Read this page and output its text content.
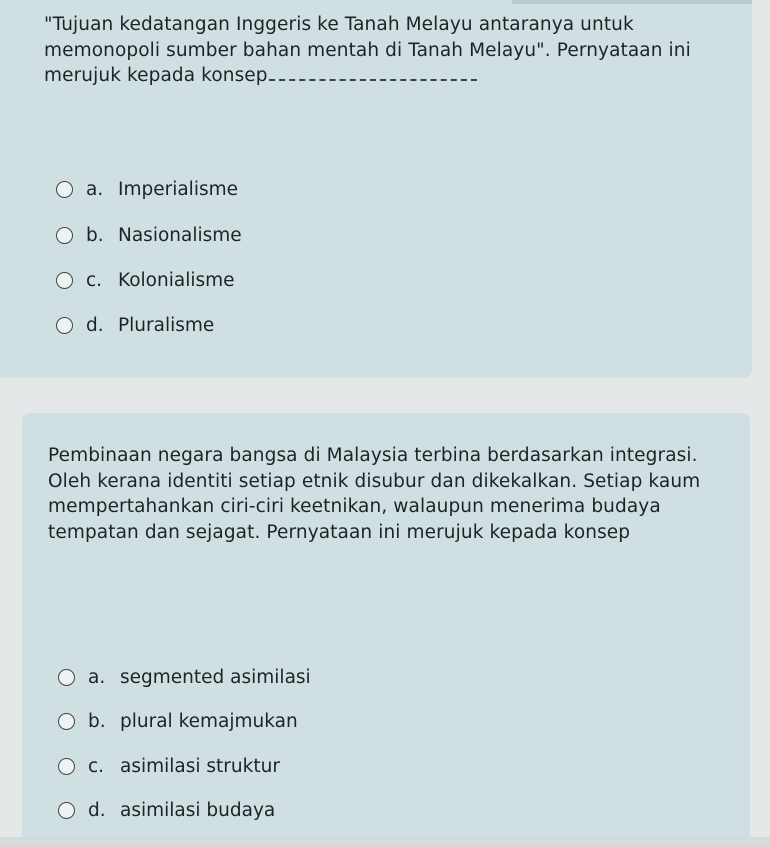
"Tujuan kedatangan Inggeris ke Tanah Melayu antaranya untuk memonopoli sumber bahan mentah di Tanah Melayu". Pernyataan ini merujuk kepada konsep

a. Imperialisme
b. Nasionalisme
c. Kolonialisme
d. Pluralisme

Pembinaan negara bangsa di Malaysia terbina berdasarkan integrasi. Oleh kerana identiti setiap etnik disubur dan dikekalkan. Setiap kaum mempertahankan ciri-ciri keetnikan, walaupun menerima budaya tempatan dan sejagat. Pernyataan ini merujuk kepada konsep

a. segmented asimilasi
b. plural kemajmukan
c. asimilasi struktur
d. asimilasi budaya
